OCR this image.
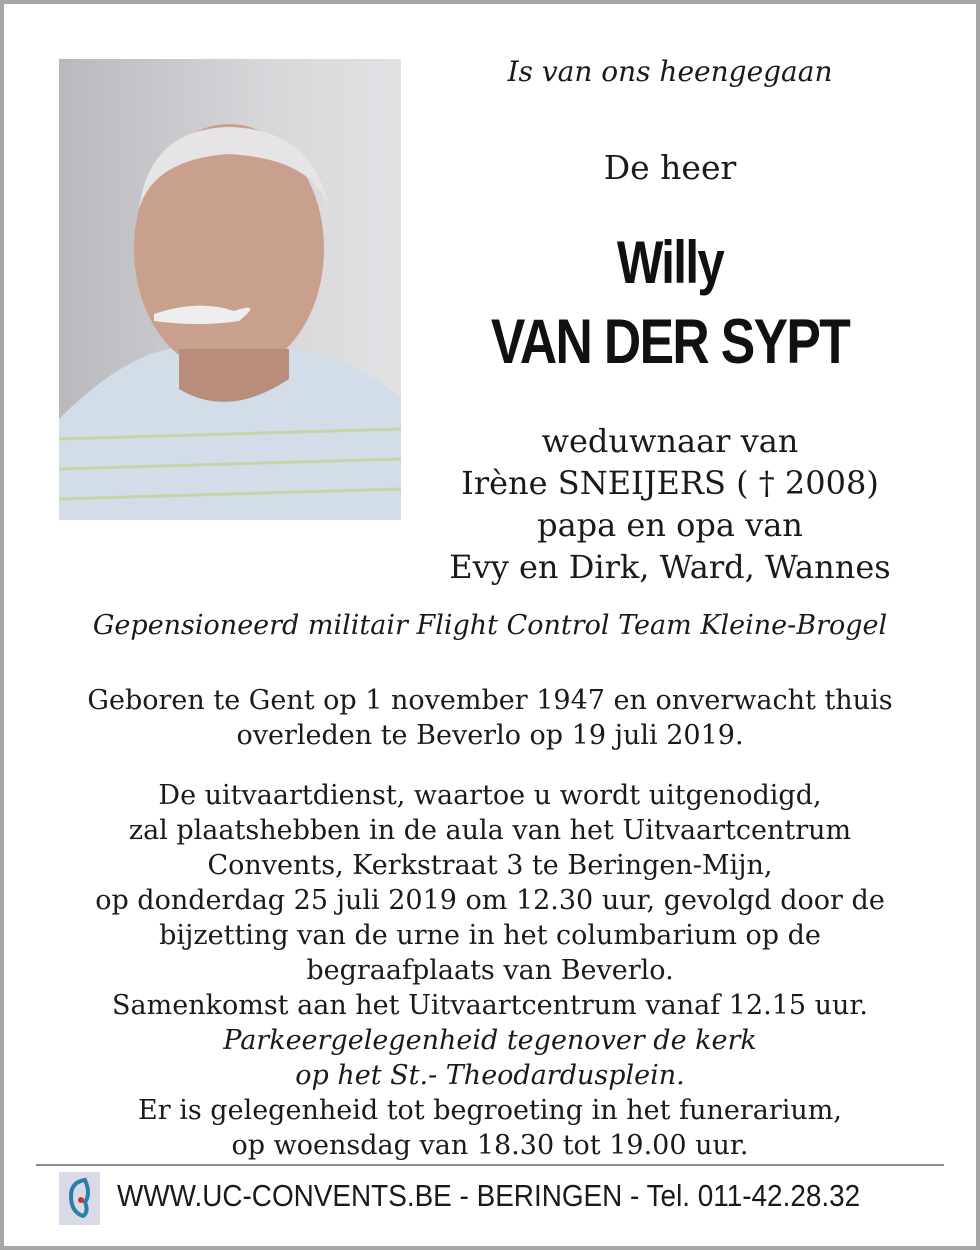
Is van ons heengegaan
De heer
Willy
VAN DER SYPT
weduwnaar van
Irène SNEIJERS ( † 2008)
papa en opa van
Evy en Dirk, Ward, Wannes
Gepensioneerd militair Flight Control Team Kleine-Brogel
Geboren te Gent op 1 november 1947 en onverwacht thuis
overleden te Beverlo op 19 juli 2019.
De uitvaartdienst, waartoe u wordt uitgenodigd,
zal plaatshebben in de aula van het Uitvaartcentrum
Convents, Kerkstraat 3 te Beringen-Mijn,
op donderdag 25 juli 2019 om 12.30 uur, gevolgd door de
bijzetting van de urne in het columbarium op de
begraafplaats van Beverlo.
Samenkomst aan het Uitvaartcentrum vanaf 12.15 uur.
Parkeergelegenheid tegenover de kerk
op het St.- Theodardusplein.
Er is gelegenheid tot begroeting in het funerarium,
op woensdag van 18.30 tot 19.00 uur.
WWW.UC-CONVENTS.BE - BERINGEN - Tel. 011-42.28.32
